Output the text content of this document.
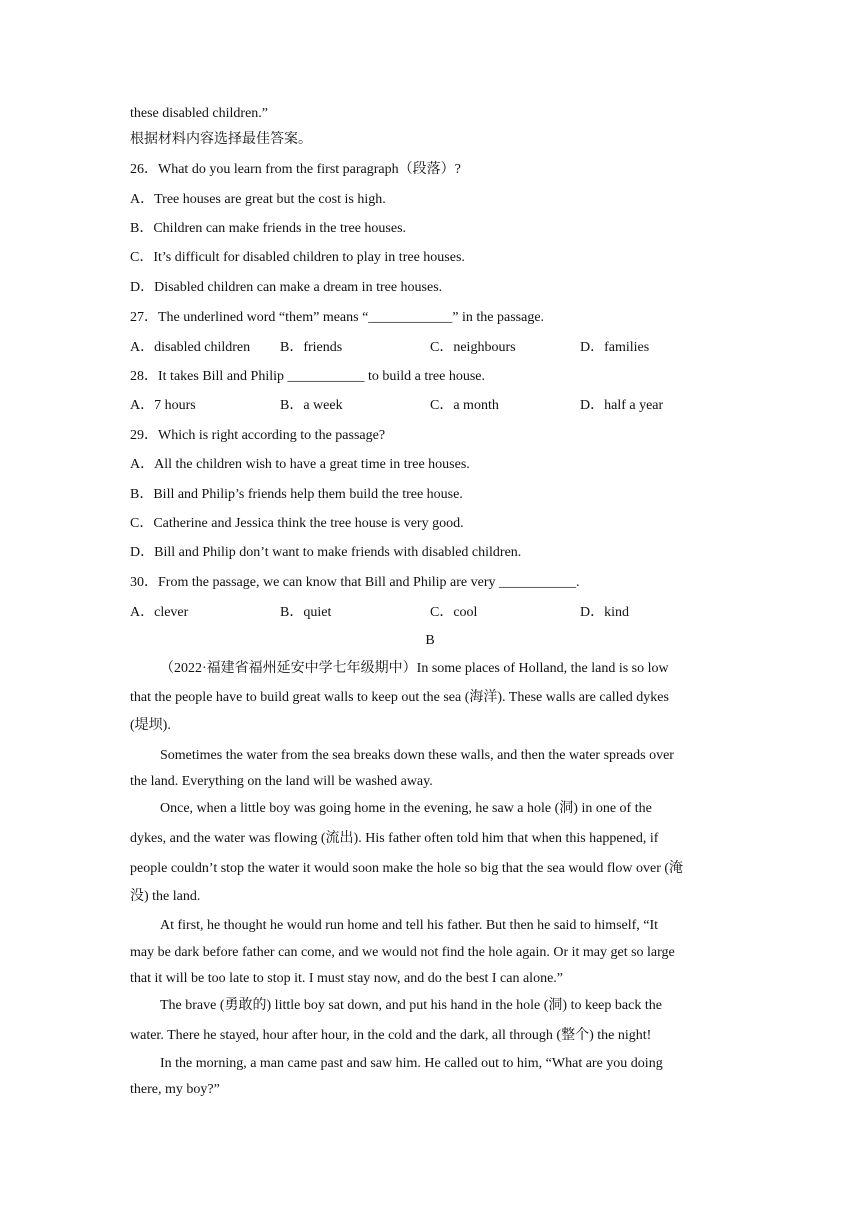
these disabled children.”
根据材料内容选择最佳答案。
26．What do you learn from the first paragraph（段落）?
A．Tree houses are great but the cost is high.
B．Children can make friends in the tree houses.
C．It’s difficult for disabled children to play in tree houses.
D．Disabled children can make a dream in tree houses.
27．The underlined word “them” means “____________” in the passage.
A．disabled children B．friends	C．neighbours	D．families
28．It takes Bill and Philip ___________ to build a tree house.
A．7 hours	B．a week	C．a month	D．half a year
29．Which is right according to the passage?
A．All the children wish to have a great time in tree houses.
B．Bill and Philip’s friends help them build the tree house.
C．Catherine and Jessica think the tree house is very good.
D．Bill and Philip don’t want to make friends with disabled children.
30．From the passage, we can know that Bill and Philip are very ___________.
A．clever	B．quiet	C．cool	D．kind
B
（2022·福建省福州延安中学七年级期中）In some places of Holland, the land is so low
that the people have to build great walls to keep out the sea (海洋). These walls are called dykes
(堤坝).
Sometimes the water from the sea breaks down these walls, and then the water spreads over
the land. Everything on the land will be washed away.
Once, when a little boy was going home in the evening, he saw a hole (洞) in one of the
dykes, and the water was flowing (流出). His father often told him that when this happened, if
people couldn’t stop the water it would soon make the hole so big that the sea would flow over (淹
没) the land.
At first, he thought he would run home and tell his father. But then he said to himself, “It
may be dark before father can come, and we would not find the hole again. Or it may get so large
that it will be too late to stop it. I must stay now, and do the best I can alone.”
The brave (勇敢的) little boy sat down, and put his hand in the hole (洞) to keep back the
water. There he stayed, hour after hour, in the cold and the dark, all through (整个) the night!
In the morning, a man came past and saw him. He called out to him, “What are you doing
there, my boy?”
